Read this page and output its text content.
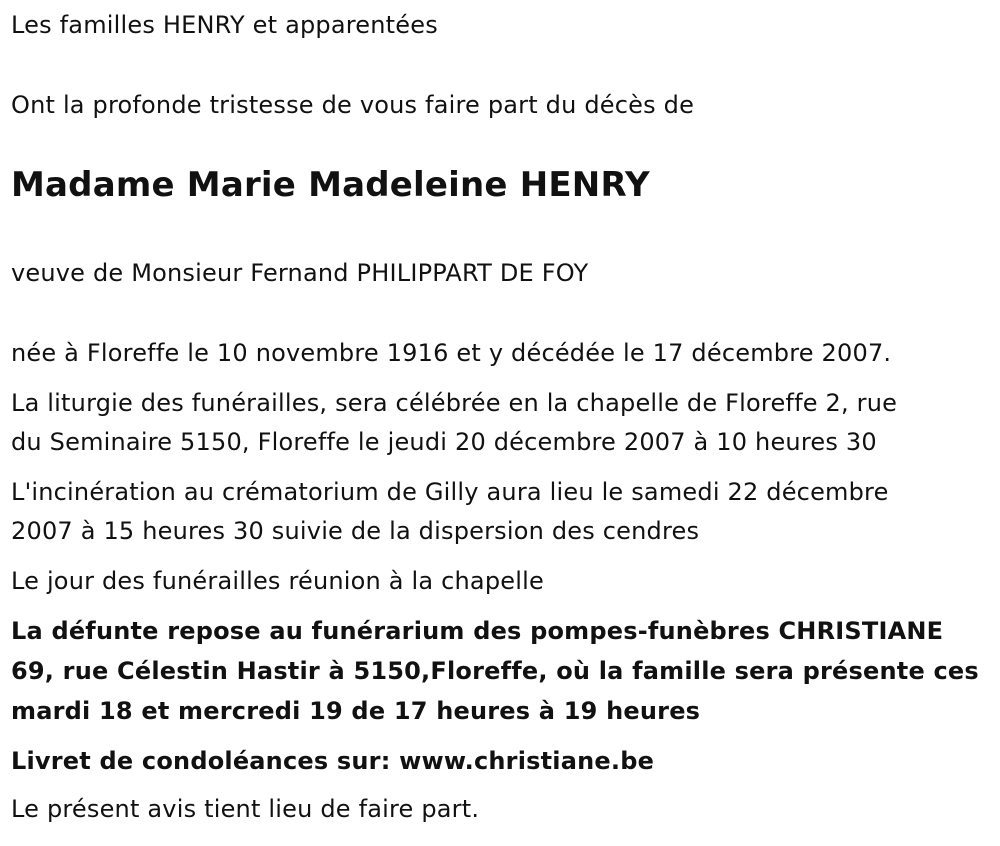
Les familles HENRY et apparentées

Ont la profonde tristesse de vous faire part du décès de

Madame Marie Madeleine HENRY

veuve de Monsieur Fernand PHILIPPART DE FOY

née à Floreffe le 10 novembre 1916 et y décédée le 17 décembre 2007.

La liturgie des funérailles, sera célébrée en la chapelle de Floreffe 2, rue

du Seminaire 5150, Floreffe le jeudi 20 décembre 2007 à 10 heures 30

L'incinération au crématorium de Gilly aura lieu le samedi 22 décembre

2007 à 15 heures 30 suivie de la dispersion des cendres

Le jour des funérailles réunion à la chapelle

La défunte repose au funérarium des pompes-funèbres CHRISTIANE

69, rue Célestin Hastir à 5150,Floreffe, où la famille sera présente ces

mardi 18 et mercredi 19 de 17 heures à 19 heures

Livret de condoléances sur: www.christiane.be

Le présent avis tient lieu de faire part.
